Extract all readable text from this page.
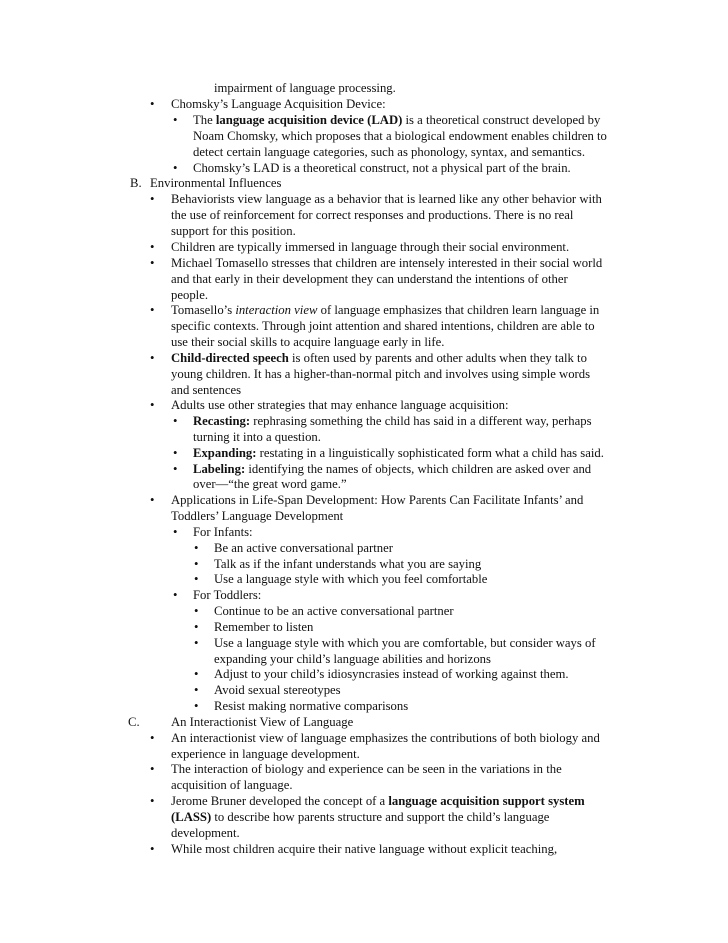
impairment of language processing.
• Chomsky’s Language Acquisition Device:
• The language acquisition device (LAD) is a theoretical construct developed by
Noam Chomsky, which proposes that a biological endowment enables children to
detect certain language categories, such as phonology, syntax, and semantics.
• Chomsky’s LAD is a theoretical construct, not a physical part of the brain.
B. Environmental Influences
• Behaviorists view language as a behavior that is learned like any other behavior with
the use of reinforcement for correct responses and productions. There is no real
support for this position.
• Children are typically immersed in language through their social environment.
• Michael Tomasello stresses that children are intensely interested in their social world
and that early in their development they can understand the intentions of other
people.
• Tomasello’s interaction view of language emphasizes that children learn language in
specific contexts. Through joint attention and shared intentions, children are able to
use their social skills to acquire language early in life.
• Child-directed speech is often used by parents and other adults when they talk to
young children. It has a higher-than-normal pitch and involves using simple words
and sentences
• Adults use other strategies that may enhance language acquisition:
• Recasting: rephrasing something the child has said in a different way, perhaps
turning it into a question.
• Expanding: restating in a linguistically sophisticated form what a child has said.
• Labeling: identifying the names of objects, which children are asked over and
over—“the great word game.”
• Applications in Life-Span Development: How Parents Can Facilitate Infants’ and
Toddlers’ Language Development
• For Infants:
• Be an active conversational partner
• Talk as if the infant understands what you are saying
• Use a language style with which you feel comfortable
• For Toddlers:
• Continue to be an active conversational partner
• Remember to listen
• Use a language style with which you are comfortable, but consider ways of
expanding your child’s language abilities and horizons
• Adjust to your child’s idiosyncrasies instead of working against them.
• Avoid sexual stereotypes
• Resist making normative comparisons
C. An Interactionist View of Language
• An interactionist view of language emphasizes the contributions of both biology and
experience in language development.
• The interaction of biology and experience can be seen in the variations in the
acquisition of language.
• Jerome Bruner developed the concept of a language acquisition support system
(LASS) to describe how parents structure and support the child’s language
development.
• While most children acquire their native language without explicit teaching,
